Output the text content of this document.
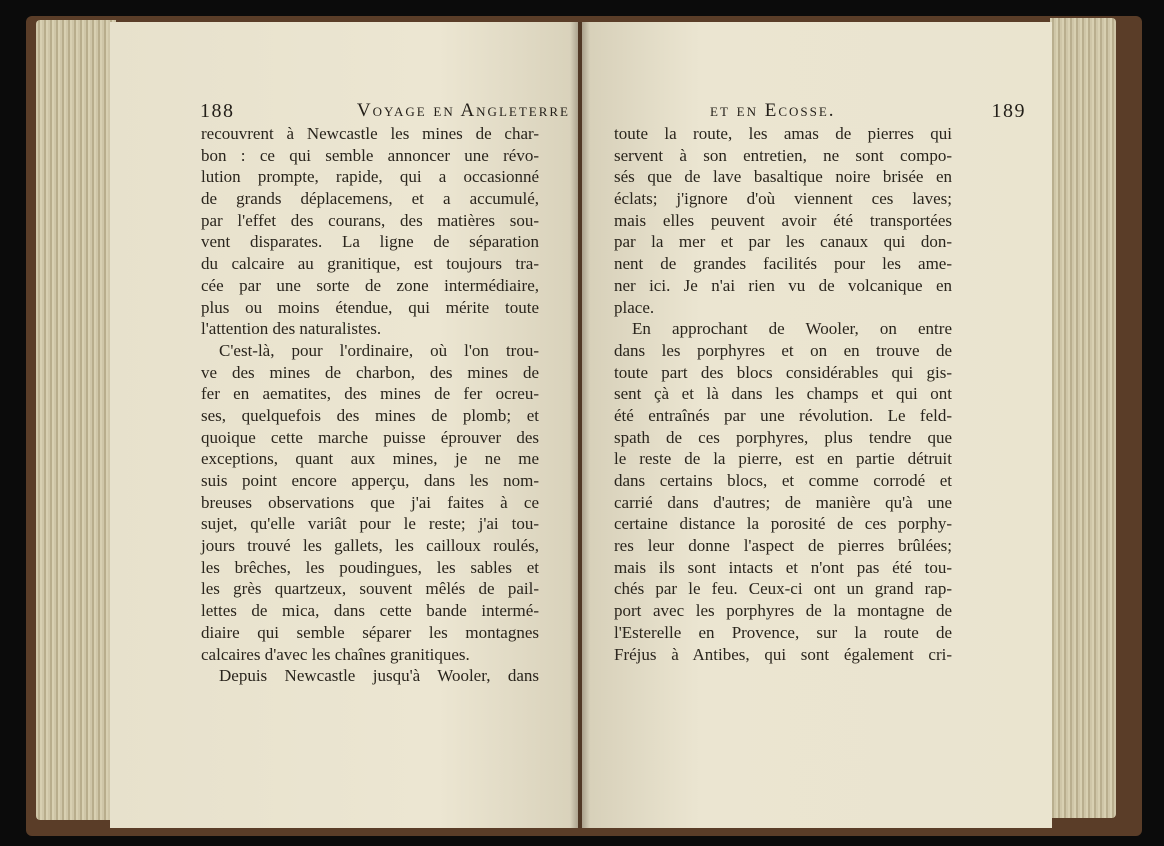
188	Voyage en Angleterre
recouvrent à Newcastle les mines de char-
bon : ce qui semble annoncer une révo-
lution prompte, rapide, qui a occasionné
de grands déplacemens, et a accumulé,
par l'effet des courans, des matières sou-
vent disparates. La ligne de séparation
du calcaire au granitique, est toujours tra-
cée par une sorte de zone intermédiaire,
plus ou moins étendue, qui mérite toute
l'attention des naturalistes.
C'est-là, pour l'ordinaire, où l'on trou-
ve des mines de charbon, des mines de
fer en aematites, des mines de fer ocreu-
ses, quelquefois des mines de plomb; et
quoique cette marche puisse éprouver des
exceptions, quant aux mines, je ne me
suis point encore apperçu, dans les nom-
breuses observations que j'ai faites à ce
sujet, qu'elle variât pour le reste; j'ai tou-
jours trouvé les gallets, les cailloux roulés,
les brêches, les poudingues, les sables et
les grès quartzeux, souvent mêlés de pail-
lettes de mica, dans cette bande intermé-
diaire qui semble séparer les montagnes
calcaires d'avec les chaînes granitiques.
Depuis Newcastle jusqu'à Wooler, dans
et en Ecosse.	189
toute la route, les amas de pierres qui
servent à son entretien, ne sont compo-
sés que de lave basaltique noire brisée en
éclats; j'ignore d'où viennent ces laves;
mais elles peuvent avoir été transportées
par la mer et par les canaux qui don-
nent de grandes facilités pour les ame-
ner ici. Je n'ai rien vu de volcanique en
place.
En approchant de Wooler, on entre
dans les porphyres et on en trouve de
toute part des blocs considérables qui gis-
sent çà et là dans les champs et qui ont
été entraînés par une révolution. Le feld-
spath de ces porphyres, plus tendre que
le reste de la pierre, est en partie détruit
dans certains blocs, et comme corrodé et
carrié dans d'autres; de manière qu'à une
certaine distance la porosité de ces porphy-
res leur donne l'aspect de pierres brûlées;
mais ils sont intacts et n'ont pas été tou-
chés par le feu. Ceux-ci ont un grand rap-
port avec les porphyres de la montagne de
l'Esterelle en Provence, sur la route de
Fréjus à Antibes, qui sont également cri-
